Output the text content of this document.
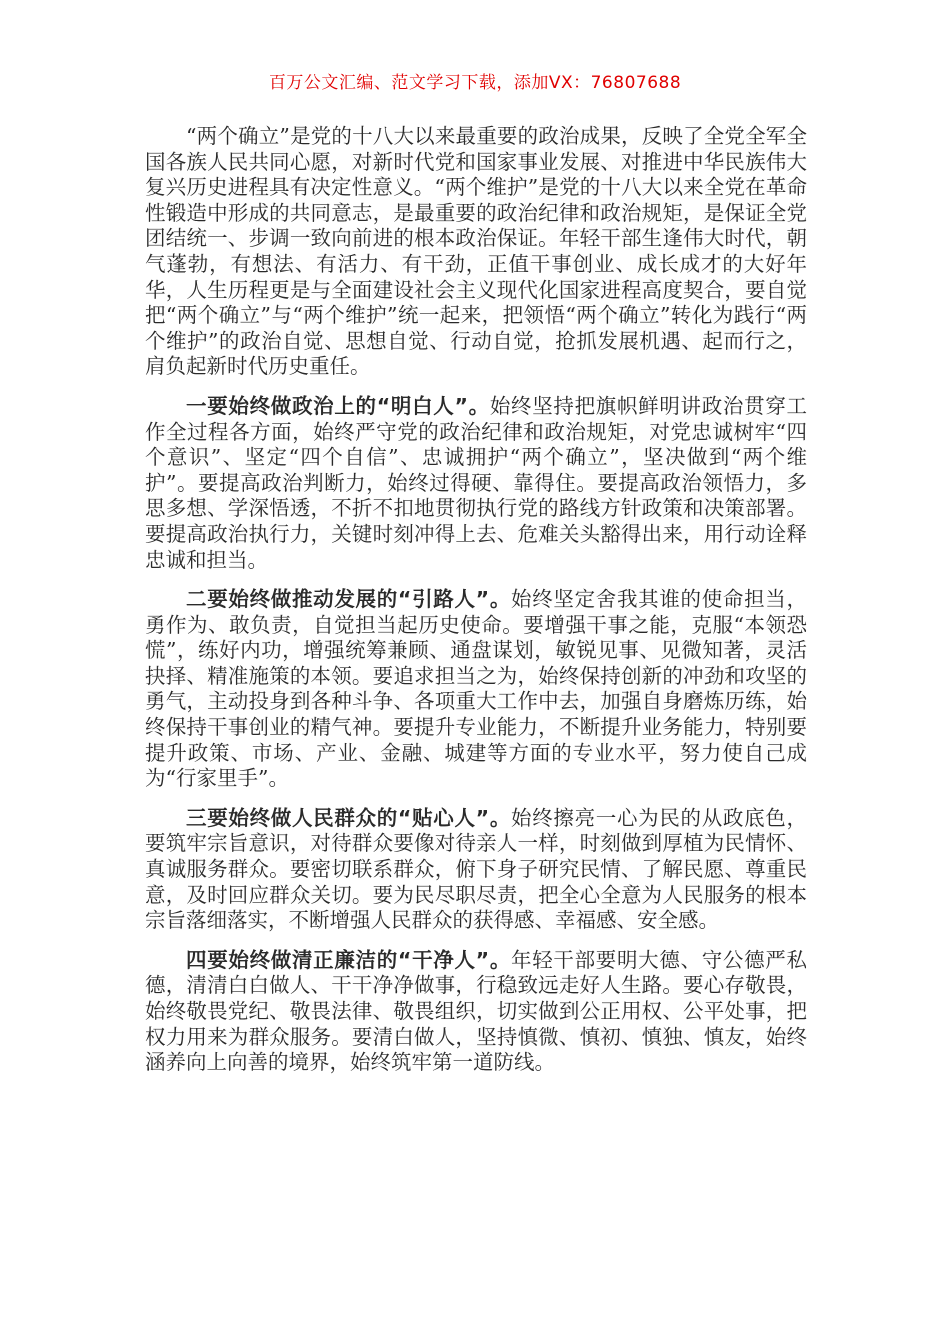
百万公文汇编、范文学习下载，添加VX：76807688

“两个确立”是党的十八大以来最重要的政治成果，反映了全党全军全国各族人民共同心愿，对新时代党和国家事业发展、对推进中华民族伟大复兴历史进程具有决定性意义。“两个维护”是党的十八大以来全党在革命性锻造中形成的共同意志，是最重要的政治纪律和政治规矩，是保证全党团结统一、步调一致向前进的根本政治保证。年轻干部生逢伟大时代，朝气蓬勃，有想法、有活力、有干劲，正值干事创业、成长成才的大好年华，人生历程更是与全面建设社会主义现代化国家进程高度契合，要自觉把“两个确立”与“两个维护”统一起来，把领悟“两个确立”转化为践行“两个维护”的政治自觉、思想自觉、行动自觉，抢抓发展机遇、起而行之，肩负起新时代历史重任。

一要始终做政治上的“明白人”。始终坚持把旗帜鲜明讲政治贯穿工作全过程各方面，始终严守党的政治纪律和政治规矩，对党忠诚树牢“四个意识”、坚定“四个自信”、忠诚拥护“两个确立”，坚决做到“两个维护”。要提高政治判断力，始终过得硬、靠得住。要提高政治领悟力，多思多想、学深悟透，不折不扣地贯彻执行党的路线方针政策和决策部署。要提高政治执行力，关键时刻冲得上去、危难关头豁得出来，用行动诠释忠诚和担当。

二要始终做推动发展的“引路人”。始终坚定舍我其谁的使命担当，勇作为、敢负责，自觉担当起历史使命。要增强干事之能，克服“本领恐慌”，练好内功，增强统筹兼顾、通盘谋划，敏锐见事、见微知著，灵活抉择、精准施策的本领。要追求担当之为，始终保持创新的冲劲和攻坚的勇气，主动投身到各种斗争、各项重大工作中去，加强自身磨炼历练，始终保持干事创业的精气神。要提升专业能力，不断提升业务能力，特别要提升政策、市场、产业、金融、城建等方面的专业水平，努力使自己成为“行家里手”。

三要始终做人民群众的“贴心人”。始终擦亮一心为民的从政底色，要筑牢宗旨意识，对待群众要像对待亲人一样，时刻做到厚植为民情怀、真诚服务群众。要密切联系群众，俯下身子研究民情、了解民愿、尊重民意，及时回应群众关切。要为民尽职尽责，把全心全意为人民服务的根本宗旨落细落实，不断增强人民群众的获得感、幸福感、安全感。

四要始终做清正廉洁的“干净人”。年轻干部要明大德、守公德严私德，清清白白做人、干干净净做事，行稳致远走好人生路。要心存敬畏，始终敬畏党纪、敬畏法律、敬畏组织，切实做到公正用权、公平处事，把权力用来为群众服务。要清白做人，坚持慎微、慎初、慎独、慎友，始终涵养向上向善的境界，始终筑牢第一道防线。
